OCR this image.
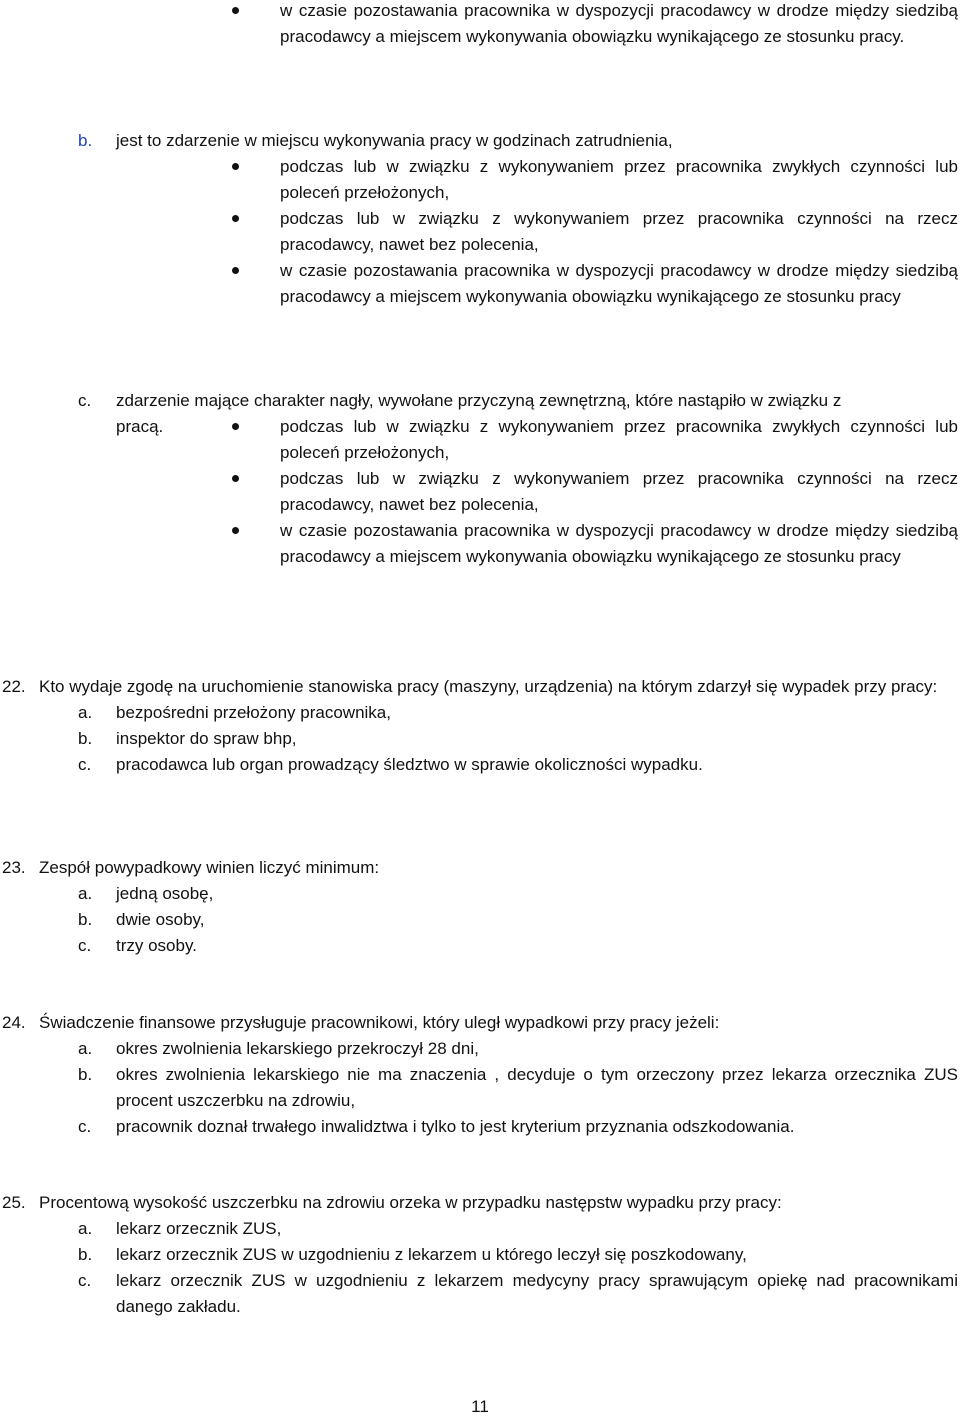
w czasie pozostawania pracownika w dyspozycji pracodawcy w drodze między siedzibą pracodawcy a miejscem wykonywania obowiązku wynikającego ze stosunku pracy.

b. jest to zdarzenie w miejscu wykonywania pracy w godzinach zatrudnienia,

podczas lub w związku z wykonywaniem przez pracownika zwykłych czynności lub poleceń przełożonych,

podczas lub w związku z wykonywaniem przez pracownika czynności na rzecz pracodawcy, nawet bez polecenia,

w czasie pozostawania pracownika w dyspozycji pracodawcy w drodze między siedzibą pracodawcy a miejscem wykonywania obowiązku wynikającego ze stosunku pracy

c. zdarzenie mające charakter nagły, wywołane przyczyną zewnętrzną, które nastąpiło w związku z

pracą.	podczas lub w związku z wykonywaniem przez pracownika zwykłych czynności lub poleceń przełożonych,

podczas lub w związku z wykonywaniem przez pracownika czynności na rzecz pracodawcy, nawet bez polecenia,

w czasie pozostawania pracownika w dyspozycji pracodawcy w drodze między siedzibą pracodawcy a miejscem wykonywania obowiązku wynikającego ze stosunku pracy

22. Kto wydaje zgodę na uruchomienie stanowiska pracy (maszyny, urządzenia) na którym zdarzył się wypadek przy pracy:

a. bezpośredni przełożony pracownika,

b. inspektor do spraw bhp,

c. pracodawca lub organ prowadzący śledztwo w sprawie okoliczności wypadku.

23. Zespół powypadkowy winien liczyć minimum:

a. jedną osobę,

b. dwie osoby,

c. trzy osoby.

24. Świadczenie finansowe przysługuje pracownikowi, który uległ wypadkowi przy pracy jeżeli:

a. okres zwolnienia lekarskiego przekroczył 28 dni,

b. okres zwolnienia lekarskiego nie ma znaczenia , decyduje o tym orzeczony przez lekarza orzecznika ZUS procent uszczerbku na zdrowiu,

c. pracownik doznał trwałego inwalidztwa i tylko to jest kryterium przyznania odszkodowania.

25. Procentową wysokość uszczerbku na zdrowiu orzeka w przypadku następstw wypadku przy pracy:

a. lekarz orzecznik ZUS,

b. lekarz orzecznik ZUS w uzgodnieniu z lekarzem u którego leczył się poszkodowany,

c. lekarz orzecznik ZUS w uzgodnieniu z lekarzem medycyny pracy sprawującym opiekę nad pracownikami danego zakładu.

11
